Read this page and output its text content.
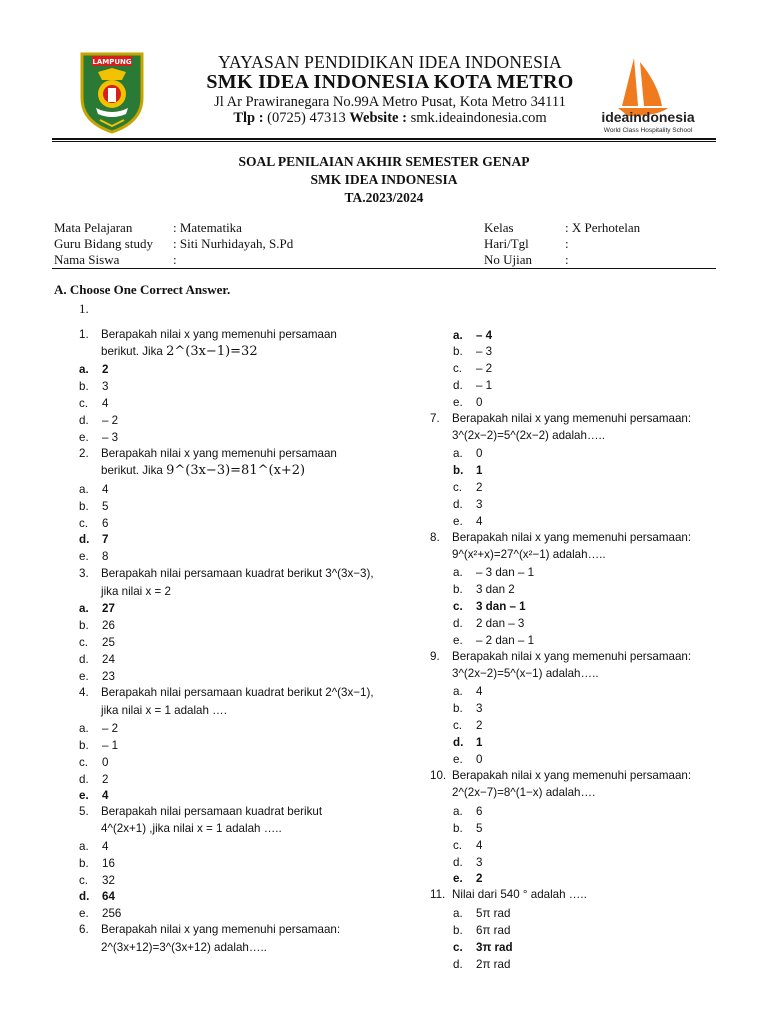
LAMPUNG	YAYASAN PENDIDIKAN IDEA INDONESIA
SMK IDEA INDONESIA KOTA METRO
Jl Ar Prawiranegara No.99A Metro Pusat, Kota Metro 34111
Tlp : (0725) 47313 Website : smk.ideaindonesia.com	ideaindonesia
World Class Hospitality School
SOAL PENILAIAN AKHIR SEMESTER GENAP
SMK IDEA INDONESIA
TA.2023/2024
Mata Pelajaran	: Matematika
Guru Bidang study : Siti Nurhidayah, S.Pd
Nama Siswa	:
Kelas	: X Perhotelan
Hari/Tgl	:
No Ujian	:
A. Choose One Correct Answer.
1.
1. Berapakah nilai x yang memenuhi persamaan
berikut. Jika 2^(3x−1)=32
a. 2
b. 3
c. 4
d. – 2
e. – 3
2. Berapakah nilai x yang memenuhi persamaan
berikut. Jika 9^(3x−3)=81^(x+2)
a. 4
b. 5
c. 6
d. 7
e. 8
3. Berapakah nilai persamaan kuadrat berikut 3^(3x−3),
jika nilai x = 2
a. 27
b. 26
c. 25
d. 24
e. 23
4. Berapakah nilai persamaan kuadrat berikut 2^(3x−1),
jika nilai x = 1 adalah ….
a. – 2
b. – 1
c. 0
d. 2
e. 4
5. Berapakah nilai persamaan kuadrat berikut
4^(2x+1) ,jika nilai x = 1 adalah …..
a. 4
b. 16
c. 32
d. 64
e. 256
6. Berapakah nilai x yang memenuhi persamaan:
2^(3x+12)=3^(3x+12) adalah…..
a. – 4
b. – 3
c. – 2
d. – 1
e. 0
7. Berapakah nilai x yang memenuhi persamaan:
3^(2x−2)=5^(2x−2) adalah…..
a. 0
b. 1
c. 2
d. 3
e. 4
8. Berapakah nilai x yang memenuhi persamaan:
9^(x²+x)=27^(x²−1) adalah…..
a. – 3 dan – 1
b. 3 dan 2
c. 3 dan – 1
d. 2 dan – 3
e. – 2 dan – 1
9. Berapakah nilai x yang memenuhi persamaan:
3^(2x−2)=5^(x−1) adalah…..
a. 4
b. 3
c. 2
d. 1
e. 0
10. Berapakah nilai x yang memenuhi persamaan:
2^(2x−7)=8^(1−x) adalah….
a. 6
b. 5
c. 4
d. 3
e. 2
11. Nilai dari 540 ° adalah …..
a. 5π rad
b. 6π rad
c. 3π rad
d. 2π rad
